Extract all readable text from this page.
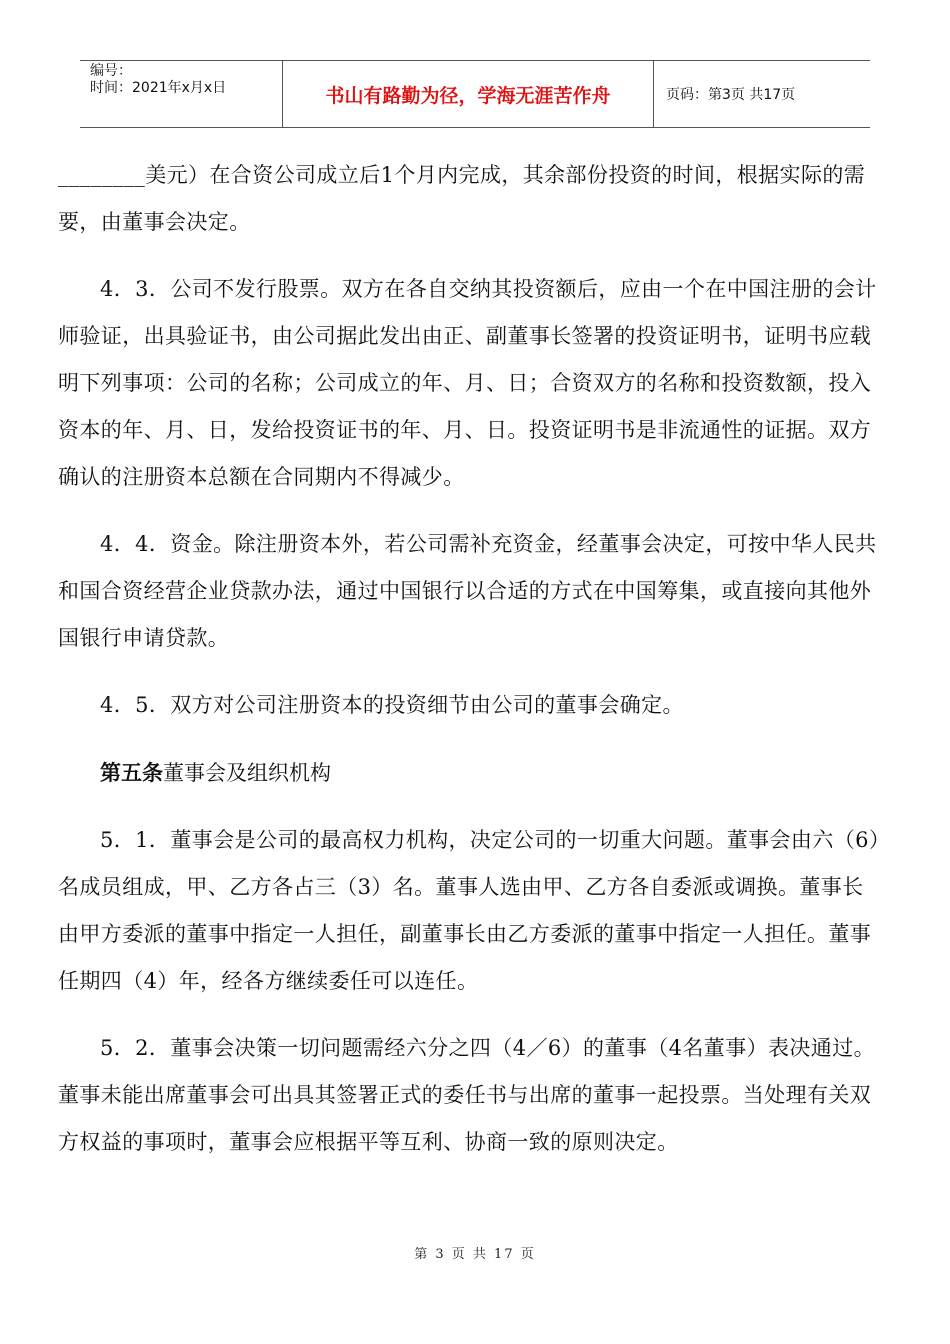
编号：
时间：2021年x月x日	书山有路勤为径，学海无涯苦作舟	页码：第3页 共17页

________美元）在合资公司成立后1个月内完成，其余部份投资的时间，根据实际的需要，由董事会决定。

4．3．公司不发行股票。双方在各自交纳其投资额后，应由一个在中国注册的会计师验证，出具验证书，由公司据此发出由正、副董事长签署的投资证明书，证明书应载明下列事项：公司的名称；公司成立的年、月、日；合资双方的名称和投资数额，投入资本的年、月、日，发给投资证书的年、月、日。投资证明书是非流通性的证据。双方确认的注册资本总额在合同期内不得减少。

4．4．资金。除注册资本外，若公司需补充资金，经董事会决定，可按中华人民共和国合资经营企业贷款办法，通过中国银行以合适的方式在中国筹集，或直接向其他外国银行申请贷款。

4．5．双方对公司注册资本的投资细节由公司的董事会确定。

第五条董事会及组织机构

5．1．董事会是公司的最高权力机构，决定公司的一切重大问题。董事会由六（6）名成员组成，甲、乙方各占三（3）名。董事人选由甲、乙方各自委派或调换。董事长由甲方委派的董事中指定一人担任，副董事长由乙方委派的董事中指定一人担任。董事任期四（4）年，经各方继续委任可以连任。

5．2．董事会决策一切问题需经六分之四（4／6）的董事（4名董事）表决通过。董事未能出席董事会可出具其签署正式的委任书与出席的董事一起投票。当处理有关双方权益的事项时，董事会应根据平等互利、协商一致的原则决定。

第 3 页 共 17 页
